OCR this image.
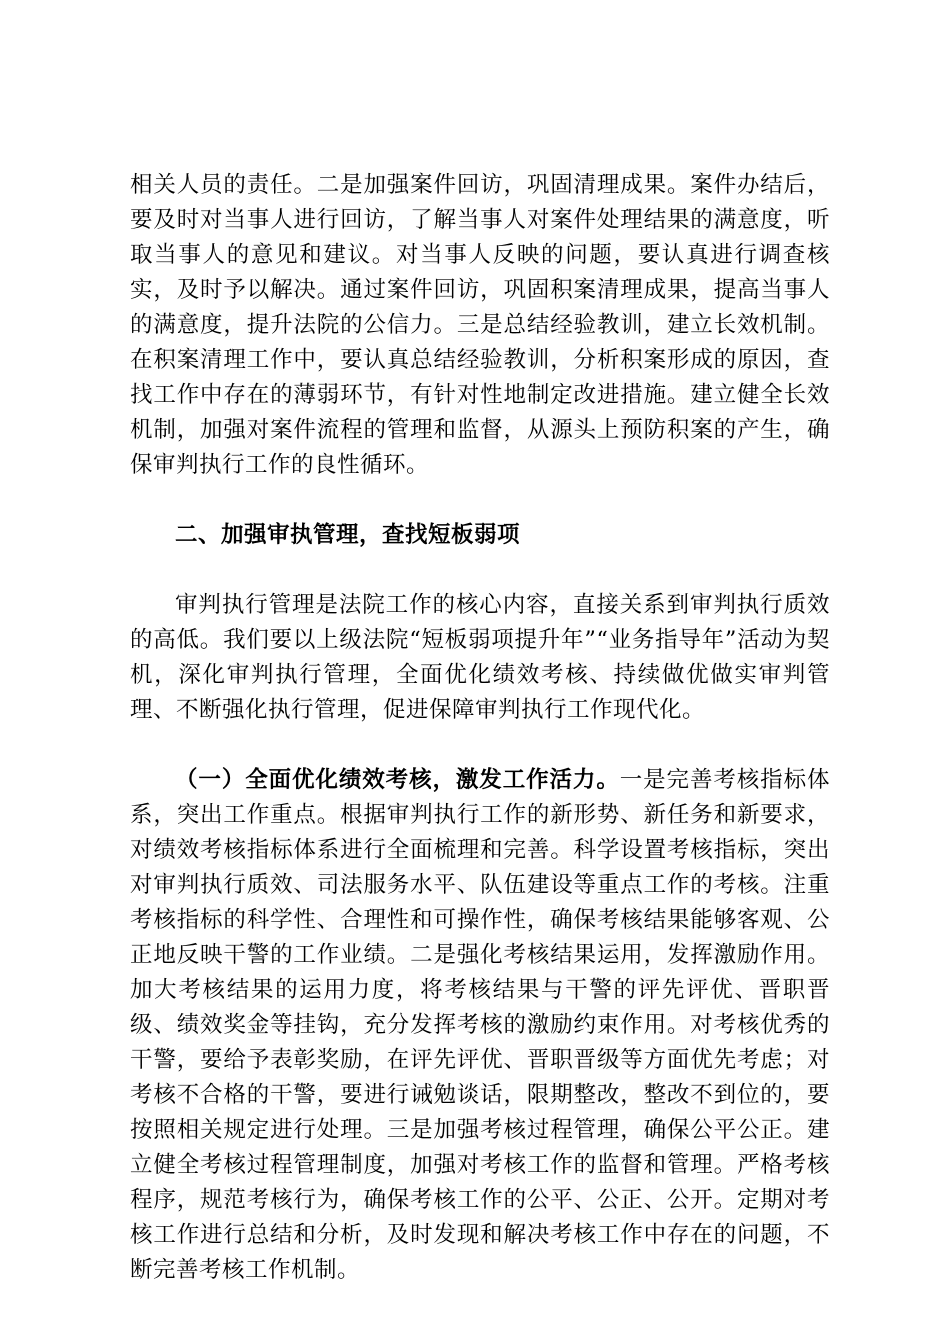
相关人员的责任。二是加强案件回访，巩固清理成果。案件办结后，要及时对当事人进行回访，了解当事人对案件处理结果的满意度，听取当事人的意见和建议。对当事人反映的问题，要认真进行调查核实，及时予以解决。通过案件回访，巩固积案清理成果，提高当事人的满意度，提升法院的公信力。三是总结经验教训，建立长效机制。在积案清理工作中，要认真总结经验教训，分析积案形成的原因，查找工作中存在的薄弱环节，有针对性地制定改进措施。建立健全长效机制，加强对案件流程的管理和监督，从源头上预防积案的产生，确保审判执行工作的良性循环。

二、加强审执管理，查找短板弱项

审判执行管理是法院工作的核心内容，直接关系到审判执行质效的高低。我们要以上级法院“短板弱项提升年”“业务指导年”活动为契机，深化审判执行管理，全面优化绩效考核、持续做优做实审判管理、不断强化执行管理，促进保障审判执行工作现代化。

（一）全面优化绩效考核，激发工作活力。一是完善考核指标体系，突出工作重点。根据审判执行工作的新形势、新任务和新要求，对绩效考核指标体系进行全面梳理和完善。科学设置考核指标，突出对审判执行质效、司法服务水平、队伍建设等重点工作的考核。注重考核指标的科学性、合理性和可操作性，确保考核结果能够客观、公正地反映干警的工作业绩。二是强化考核结果运用，发挥激励作用。加大考核结果的运用力度，将考核结果与干警的评先评优、晋职晋级、绩效奖金等挂钩，充分发挥考核的激励约束作用。对考核优秀的干警，要给予表彰奖励，在评先评优、晋职晋级等方面优先考虑；对考核不合格的干警，要进行诫勉谈话，限期整改，整改不到位的，要按照相关规定进行处理。三是加强考核过程管理，确保公平公正。建立健全考核过程管理制度，加强对考核工作的监督和管理。严格考核程序，规范考核行为，确保考核工作的公平、公正、公开。定期对考核工作进行总结和分析，及时发现和解决考核工作中存在的问题，不断完善考核工作机制。
